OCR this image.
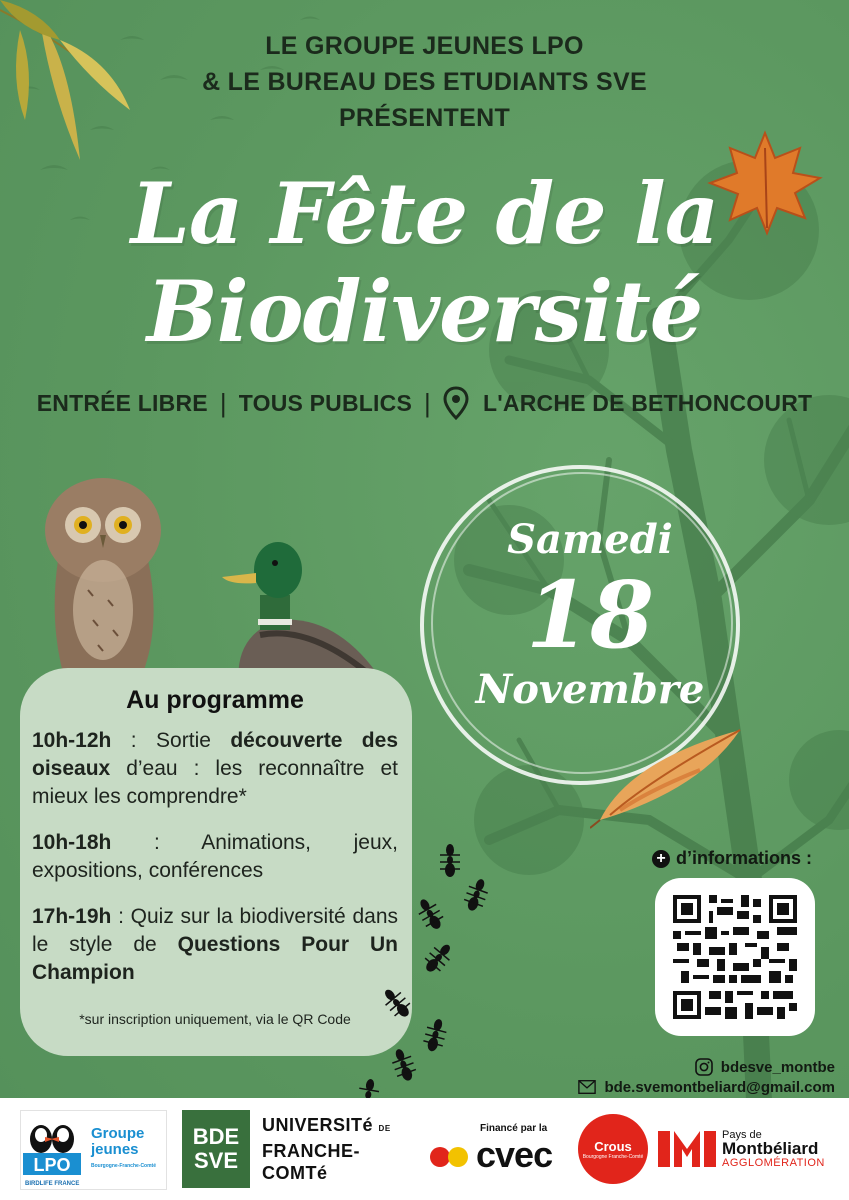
LE GROUPE JEUNES LPO
& LE BUREAU DES ETUDIANTS SVE
PRÉSENTENT
La Fête de la
Biodiversité
ENTRÉE LIBRE | TOUS PUBLICS | L'ARCHE DE BETHONCOURT
Samedi
18
Novembre
Au programme

10h-12h : Sortie découverte des oiseaux d’eau : les reconnaître et mieux les comprendre*

10h-18h : Animations, jeux, expositions, conférences

17h-19h : Quiz sur la biodiversité dans le style de Questions Pour Un Champion

*sur inscription uniquement, via le QR Code

+ d’informations :
bdesve_montbe
bde.svemontbeliard@gmail.com
LPO
Groupe
jeunes
Bourgogne-Franche-Comté
BIRDLIFE FRANCE
BDE
SVE
UNIVERSITé DE
FRANCHE-COMTé
Financé par la
cvec	Crous
Bourgogne Franche-Comté
Pays de
Montbéliard
AGGLOMÉRATION
